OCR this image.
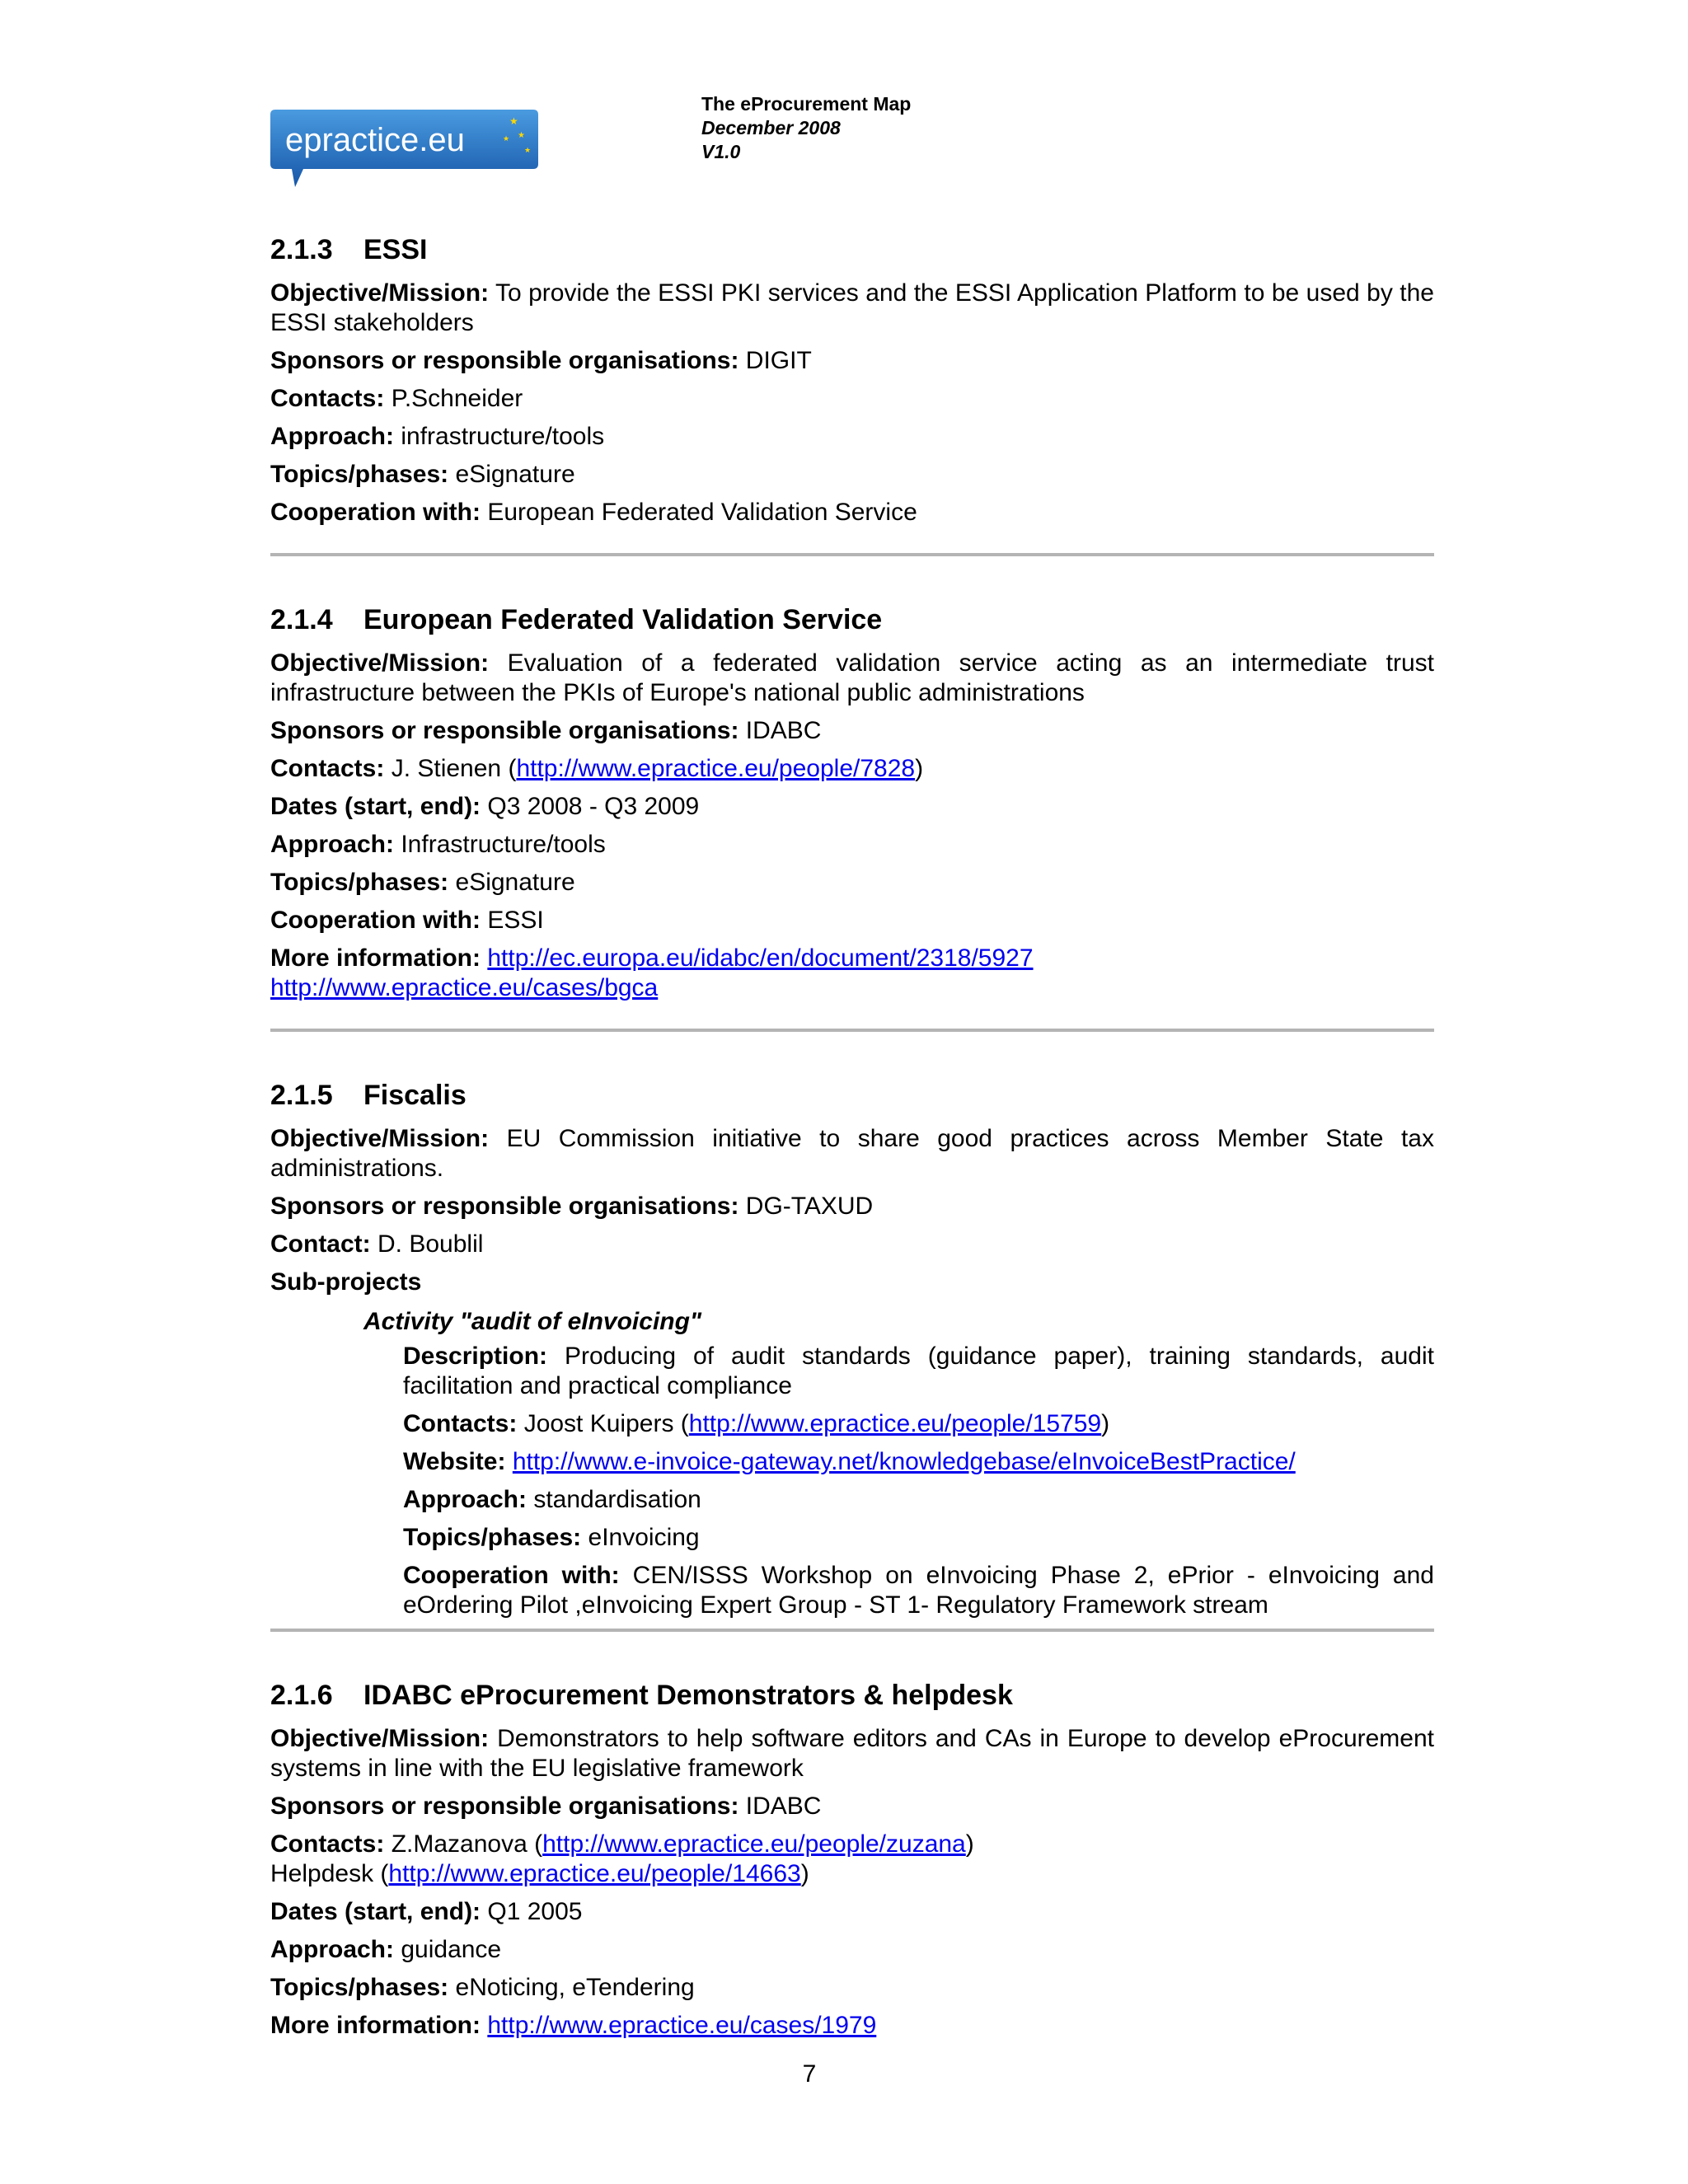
epractice.eu
★
★
★
★
The eProcurement Map
December 2008
V1.0
2.1.3	ESSI
Objective/Mission: To provide the ESSI PKI services and the ESSI Application Platform to be used by the ESSI stakeholders
Sponsors or responsible organisations: DIGIT
Contacts: P.Schneider
Approach: infrastructure/tools
Topics/phases: eSignature
Cooperation with: European Federated Validation Service
2.1.4	European Federated Validation Service
Objective/Mission: Evaluation of a federated validation service acting as an intermediate trust infrastructure between the PKIs of Europe's national public administrations
Sponsors or responsible organisations: IDABC
Contacts: J. Stienen (http://www.epractice.eu/people/7828)
Dates (start, end): Q3 2008 - Q3 2009
Approach: Infrastructure/tools
Topics/phases: eSignature
Cooperation with: ESSI
More information: http://ec.europa.eu/idabc/en/document/2318/5927
http://www.epractice.eu/cases/bgca
2.1.5	Fiscalis
Objective/Mission: EU Commission initiative to share good practices across Member State tax administrations.
Sponsors or responsible organisations: DG-TAXUD
Contact: D. Boublil
Sub-projects
Activity "audit of eInvoicing"
Description: Producing of audit standards (guidance paper), training standards, audit facilitation and practical compliance
Contacts: Joost Kuipers (http://www.epractice.eu/people/15759)
Website: http://www.e-invoice-gateway.net/knowledgebase/eInvoiceBestPractice/
Approach: standardisation
Topics/phases: eInvoicing
Cooperation with: CEN/ISSS Workshop on eInvoicing Phase 2, ePrior - eInvoicing and eOrdering Pilot ,eInvoicing Expert Group - ST 1- Regulatory Framework stream
2.1.6	IDABC eProcurement Demonstrators & helpdesk
Objective/Mission: Demonstrators to help software editors and CAs in Europe to develop eProcurement systems in line with the EU legislative framework
Sponsors or responsible organisations: IDABC
Contacts: Z.Mazanova (http://www.epractice.eu/people/zuzana)
Helpdesk (http://www.epractice.eu/people/14663)
Dates (start, end): Q1 2005
Approach: guidance
Topics/phases: eNoticing, eTendering
More information: http://www.epractice.eu/cases/1979
7
